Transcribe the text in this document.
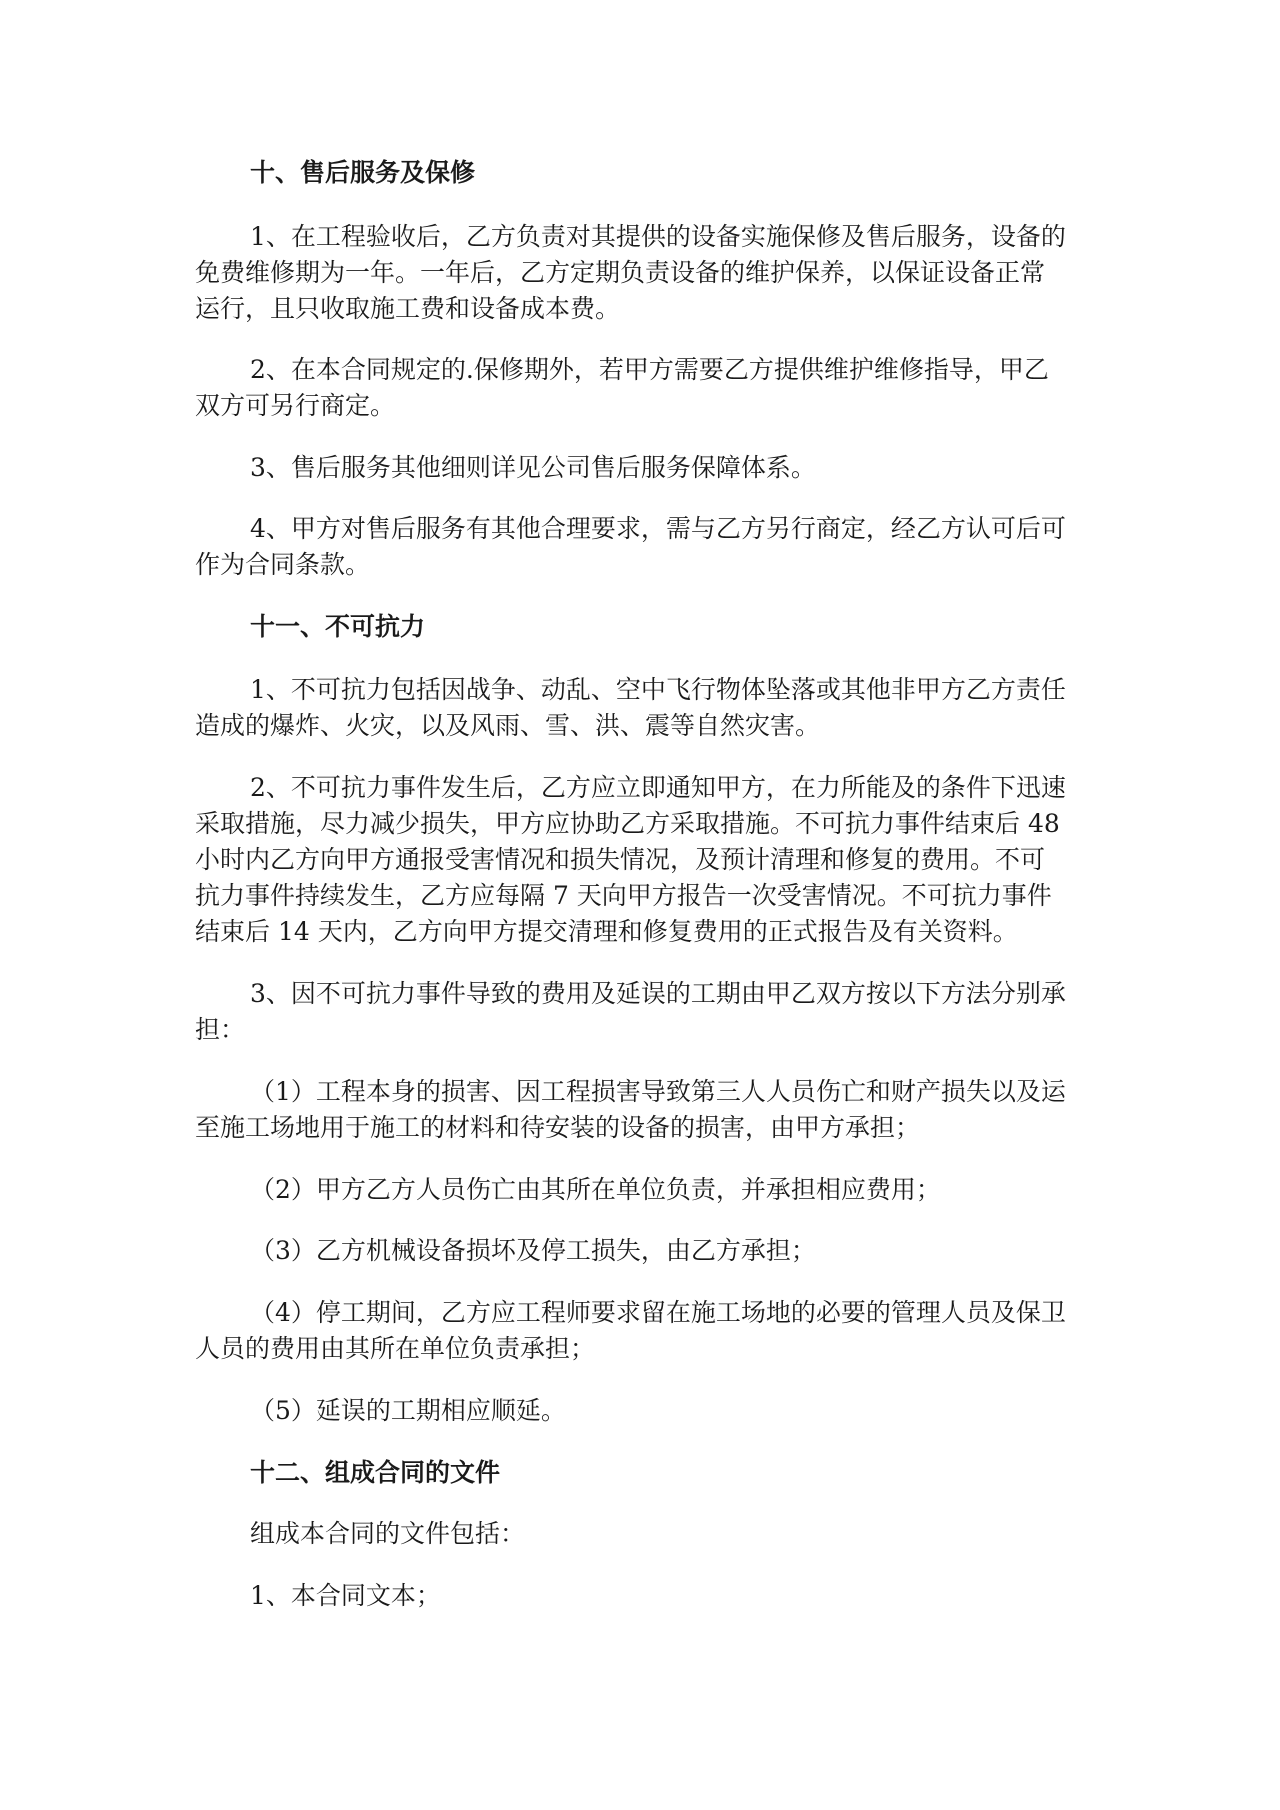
十、售后服务及保修

1、在工程验收后，乙方负责对其提供的设备实施保修及售后服务，设备的

免费维修期为一年。一年后，乙方定期负责设备的维护保养，以保证设备正常

运行，且只收取施工费和设备成本费。

2、在本合同规定的.保修期外，若甲方需要乙方提供维护维修指导，甲乙

双方可另行商定。

3、售后服务其他细则详见公司售后服务保障体系。

4、甲方对售后服务有其他合理要求，需与乙方另行商定，经乙方认可后可

作为合同条款。

十一、不可抗力

1、不可抗力包括因战争、动乱、空中飞行物体坠落或其他非甲方乙方责任

造成的爆炸、火灾，以及风雨、雪、洪、震等自然灾害。

2、不可抗力事件发生后，乙方应立即通知甲方，在力所能及的条件下迅速

采取措施，尽力减少损失，甲方应协助乙方采取措施。不可抗力事件结束后 48

小时内乙方向甲方通报受害情况和损失情况，及预计清理和修复的费用。不可

抗力事件持续发生，乙方应每隔 7 天向甲方报告一次受害情况。不可抗力事件

结束后 14 天内，乙方向甲方提交清理和修复费用的正式报告及有关资料。

3、因不可抗力事件导致的费用及延误的工期由甲乙双方按以下方法分别承

担：

（1）工程本身的损害、因工程损害导致第三人人员伤亡和财产损失以及运

至施工场地用于施工的材料和待安装的设备的损害，由甲方承担；

（2）甲方乙方人员伤亡由其所在单位负责，并承担相应费用；

（3）乙方机械设备损坏及停工损失，由乙方承担；

（4）停工期间，乙方应工程师要求留在施工场地的必要的管理人员及保卫

人员的费用由其所在单位负责承担；

（5）延误的工期相应顺延。

十二、组成合同的文件

组成本合同的文件包括：

1、本合同文本；
